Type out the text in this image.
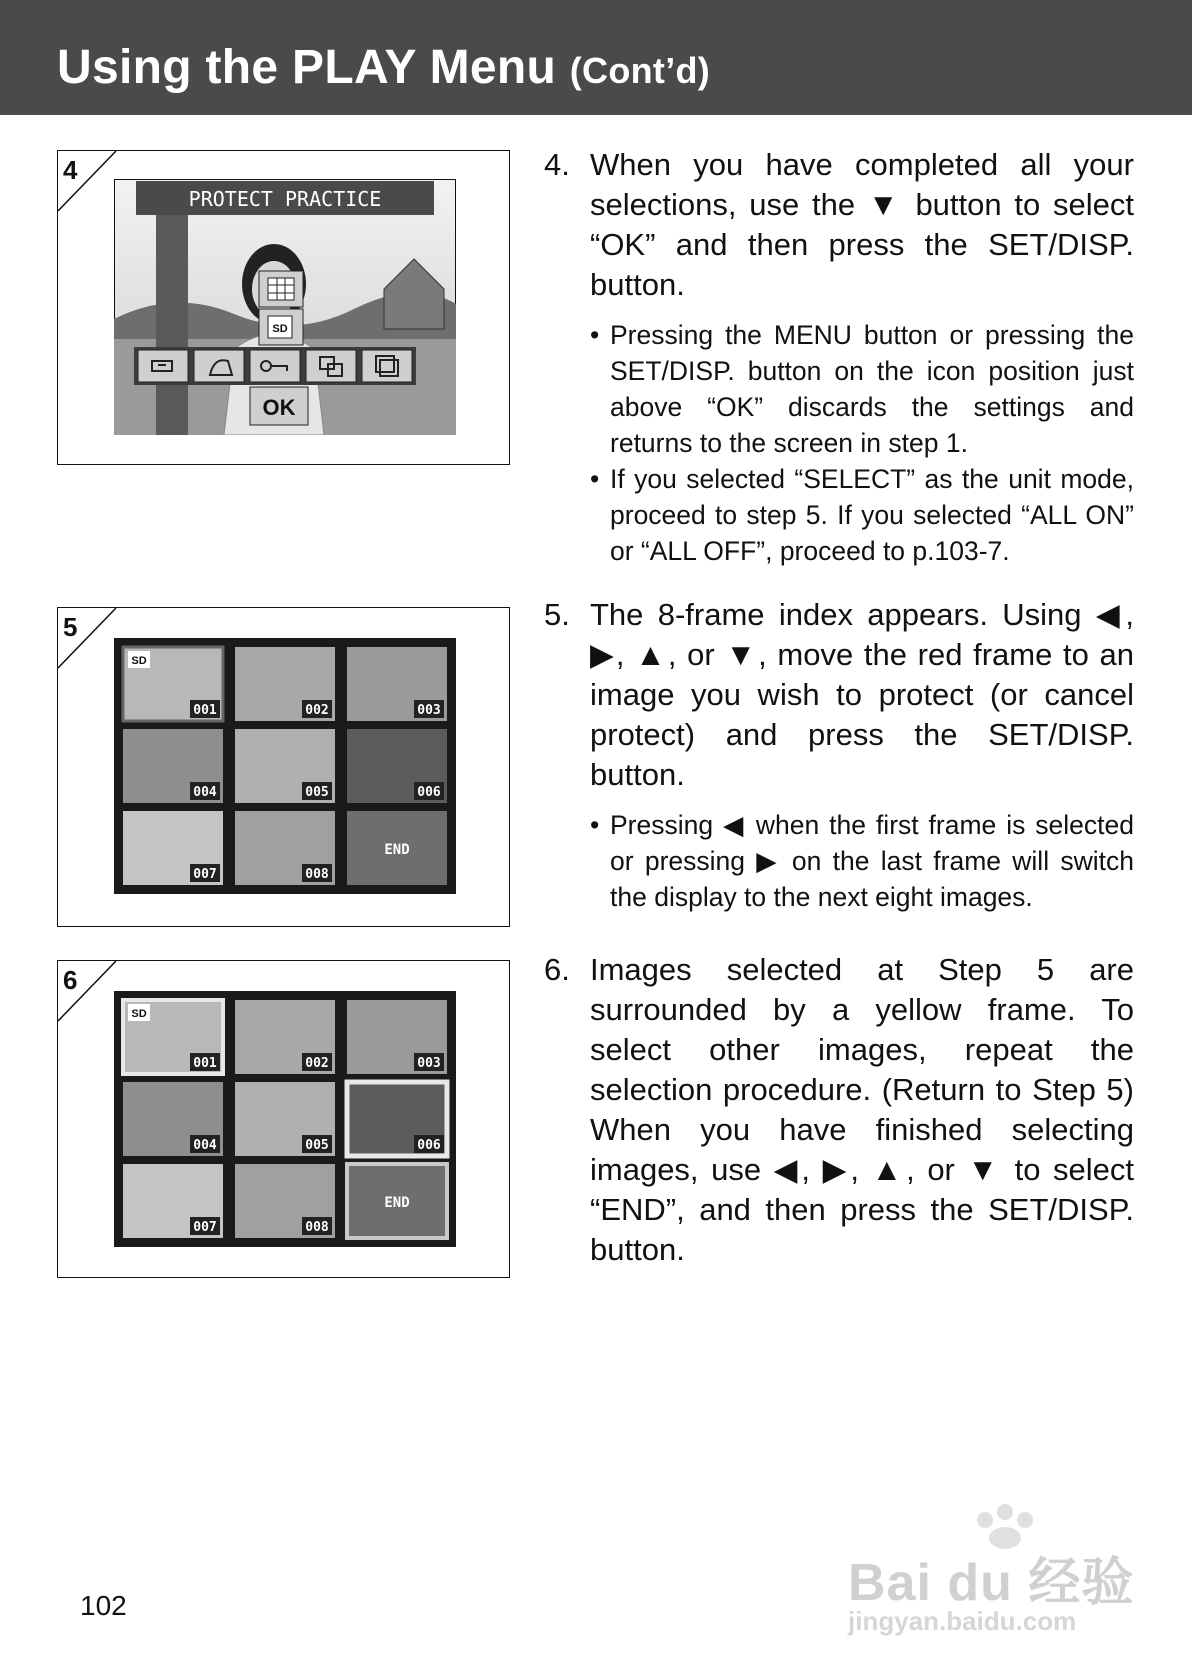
Using the PLAY Menu (Cont’d)
4
PROTECT PRACTICE
SD
OK
5
SD
001	002	003
004	005	006
007	008
END
6
SD
001	002	003
004	005	006
007	008
END
4. When you have completed all your selections, use the ▼ button to select “OK” and then press the SET/DISP. button.
• Pressing the MENU button or pressing the SET/DISP. button on the icon position just above “OK” discards the settings and returns to the screen in step 1.
• If you selected “SELECT” as the unit mode, proceed to step 5. If you selected “ALL ON” or “ALL OFF”, proceed to p.103-7.
5. The 8-frame index appears. Using ◀, ▶, ▲, or ▼, move the red frame to an image you wish to protect (or cancel protect) and press the SET/DISP. button.
• Pressing ◀ when the first frame is selected or pressing ▶ on the last frame will switch the display to the next eight images.
6. Images selected at Step 5 are surrounded by a yellow frame. To select other images, repeat the selection procedure. (Return to Step 5) When you have finished selecting images, use ◀, ▶, ▲, or ▼ to select “END”, and then press the SET/DISP. button.
102	Bai du 经验
jingyan.baidu.com
